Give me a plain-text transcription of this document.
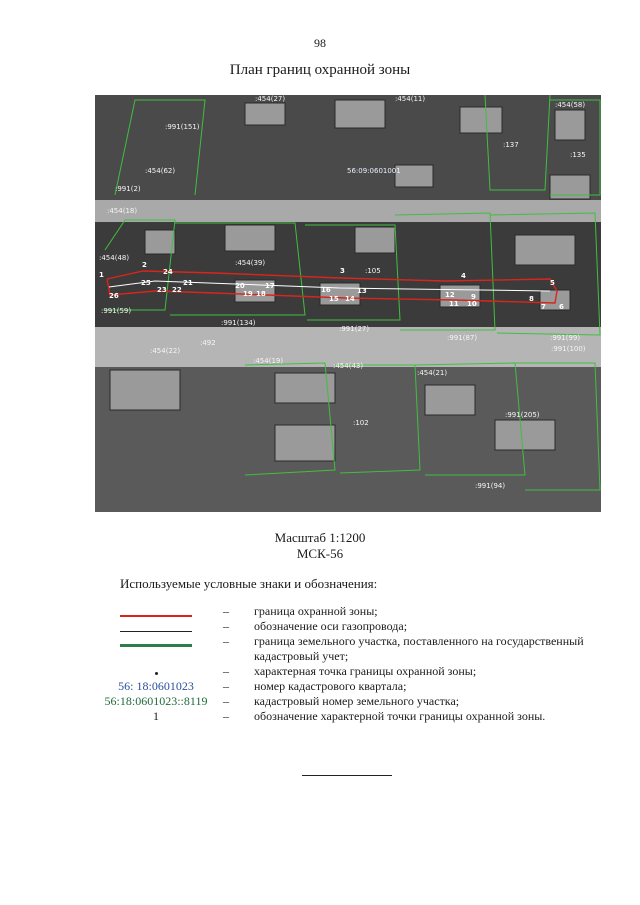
98
План границ охранной зоны
:991(151)
:454(62)
:991(2)
:454(18)
:454(48)
:454(39)
:105
:991(59)
:991(134)
:991(27)
:991(87)	:991(99)
:991(100)
:454(22)
:492
:454(19)
:454(43)
:454(21)
:102
:991(205)
:991(94)
:137
:135
:454(58)
:454(11)
:454(27)
56:09:0601001
1
2
3
4
5
6
7
8
9
10
11
12
13
14
15
16
17
18
19
20
21
22
23
24
25
26
Масштаб 1:1200
МСК-56
Используемые условные знаки и обозначения:
– граница охранной зоны;
– обозначение оси газопровода;
– граница земельного участка, поставленного на государственный кадастровый учет;
– характерная точка границы охранной зоны;
56: 18:0601023	– номер кадастрового квартала;
56:18:0601023::8119	– кадастровый номер земельного участка;
1	– обозначение характерной точки границы охранной зоны.
